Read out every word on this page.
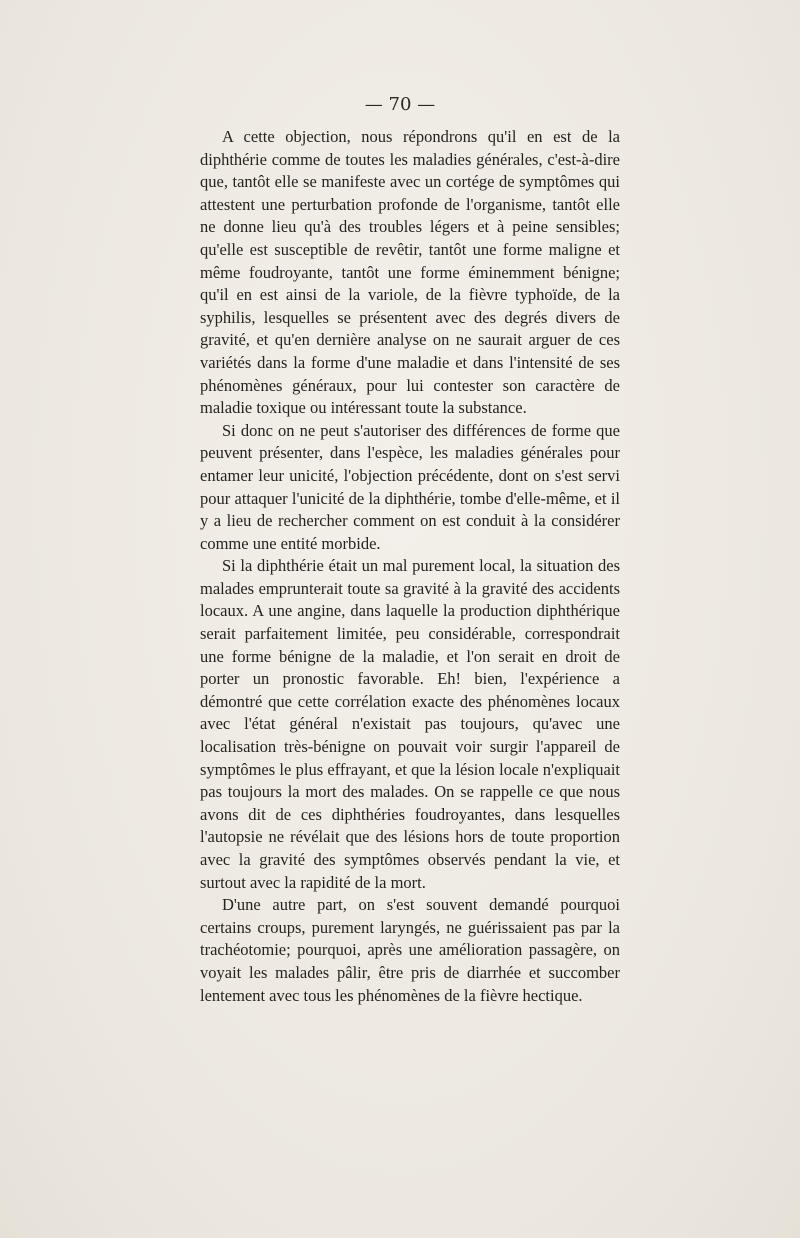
— 70 —

A cette objection, nous répondrons qu'il en est de la diphthérie comme de toutes les maladies générales, c'est-à-dire que, tantôt elle se manifeste avec un cortége de symptômes qui attestent une perturbation profonde de l'organisme, tantôt elle ne donne lieu qu'à des troubles légers et à peine sensibles; qu'elle est susceptible de revêtir, tantôt une forme maligne et même foudroyante, tantôt une forme éminemment bénigne; qu'il en est ainsi de la variole, de la fièvre typhoïde, de la syphilis, lesquelles se présentent avec des degrés divers de gravité, et qu'en dernière analyse on ne saurait arguer de ces variétés dans la forme d'une maladie et dans l'intensité de ses phénomènes généraux, pour lui contester son caractère de maladie toxique ou intéressant toute la substance.

Si donc on ne peut s'autoriser des différences de forme que peuvent présenter, dans l'espèce, les maladies générales pour entamer leur unicité, l'objection précédente, dont on s'est servi pour attaquer l'unicité de la diphthérie, tombe d'elle-même, et il y a lieu de rechercher comment on est conduit à la considérer comme une entité morbide.

Si la diphthérie était un mal purement local, la situation des malades emprunterait toute sa gravité à la gravité des accidents locaux. A une angine, dans laquelle la production diphthérique serait parfaitement limitée, peu considérable, correspondrait une forme bénigne de la maladie, et l'on serait en droit de porter un pronostic favorable. Eh! bien, l'expérience a démontré que cette corrélation exacte des phénomènes locaux avec l'état général n'existait pas toujours, qu'avec une localisation très-bénigne on pouvait voir surgir l'appareil de symptômes le plus effrayant, et que la lésion locale n'expliquait pas toujours la mort des malades. On se rappelle ce que nous avons dit de ces diphthéries foudroyantes, dans lesquelles l'autopsie ne révélait que des lésions hors de toute proportion avec la gravité des symptômes observés pendant la vie, et surtout avec la rapidité de la mort.

D'une autre part, on s'est souvent demandé pourquoi certains croups, purement laryngés, ne guérissaient pas par la trachéotomie; pourquoi, après une amélioration passagère, on voyait les malades pâlir, être pris de diarrhée et succomber lentement avec tous les phénomènes de la fièvre hectique.
